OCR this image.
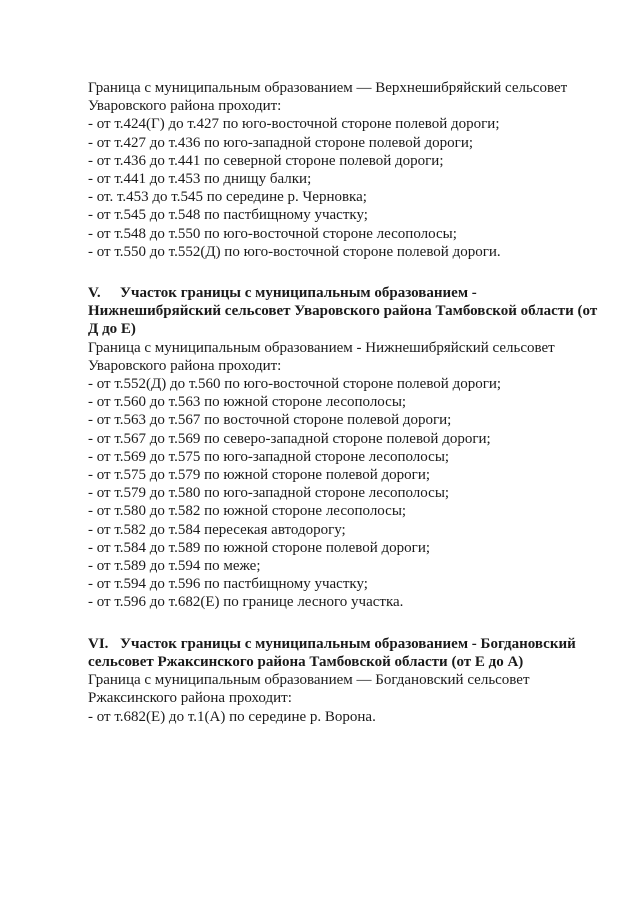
Граница с муниципальным образованием — Верхнешибряйский сельсовет
Уваровского района проходит:
- от т.424(Г) до т.427 по юго-восточной стороне полевой дороги;
- от т.427 до т.436 по юго-западной стороне полевой дороги;
- от т.436 до т.441 по северной стороне полевой дороги;
- от т.441 до т.453 по днищу балки;
- от. т.453 до т.545 по середине р. Черновка;
- от т.545 до т.548 по пастбищному участку;
- от т.548 до т.550 по юго-восточной стороне лесополосы;
- от т.550 до т.552(Д) по юго-восточной стороне полевой дороги.
V. Участок границы с муниципальным образованием -
Нижнешибряйский сельсовет Уваровского района Тамбовской области (от
Д до Е)
Граница с муниципальным образованием - Нижнешибряйский сельсовет
Уваровского района проходит:
- от т.552(Д) до т.560 по юго-восточной стороне полевой дороги;
- от т.560 до т.563 по южной стороне лесополосы;
- от т.563 до т.567 по восточной стороне полевой дороги;
- от т.567 до т.569 по северо-западной стороне полевой дороги;
- от т.569 до т.575 по юго-западной стороне лесополосы;
- от т.575 до т.579 по южной стороне полевой дороги;
- от т.579 до т.580 по юго-западной стороне лесополосы;
- от т.580 до т.582 по южной стороне лесополосы;
- от т.582 до т.584 пересекая автодорогу;
- от т.584 до т.589 по южной стороне полевой дороги;
- от т.589 до т.594 по меже;
- от т.594 до т.596 по пастбищному участку;
- от т.596 до т.682(Е) по границе лесного участка.
VI. Участок границы с муниципальным образованием - Богдановский
сельсовет Ржаксинского района Тамбовской области (от Е до А)
Граница с муниципальным образованием — Богдановский сельсовет
Ржаксинского района проходит:
- от т.682(Е) до т.1(А) по середине р. Ворона.
